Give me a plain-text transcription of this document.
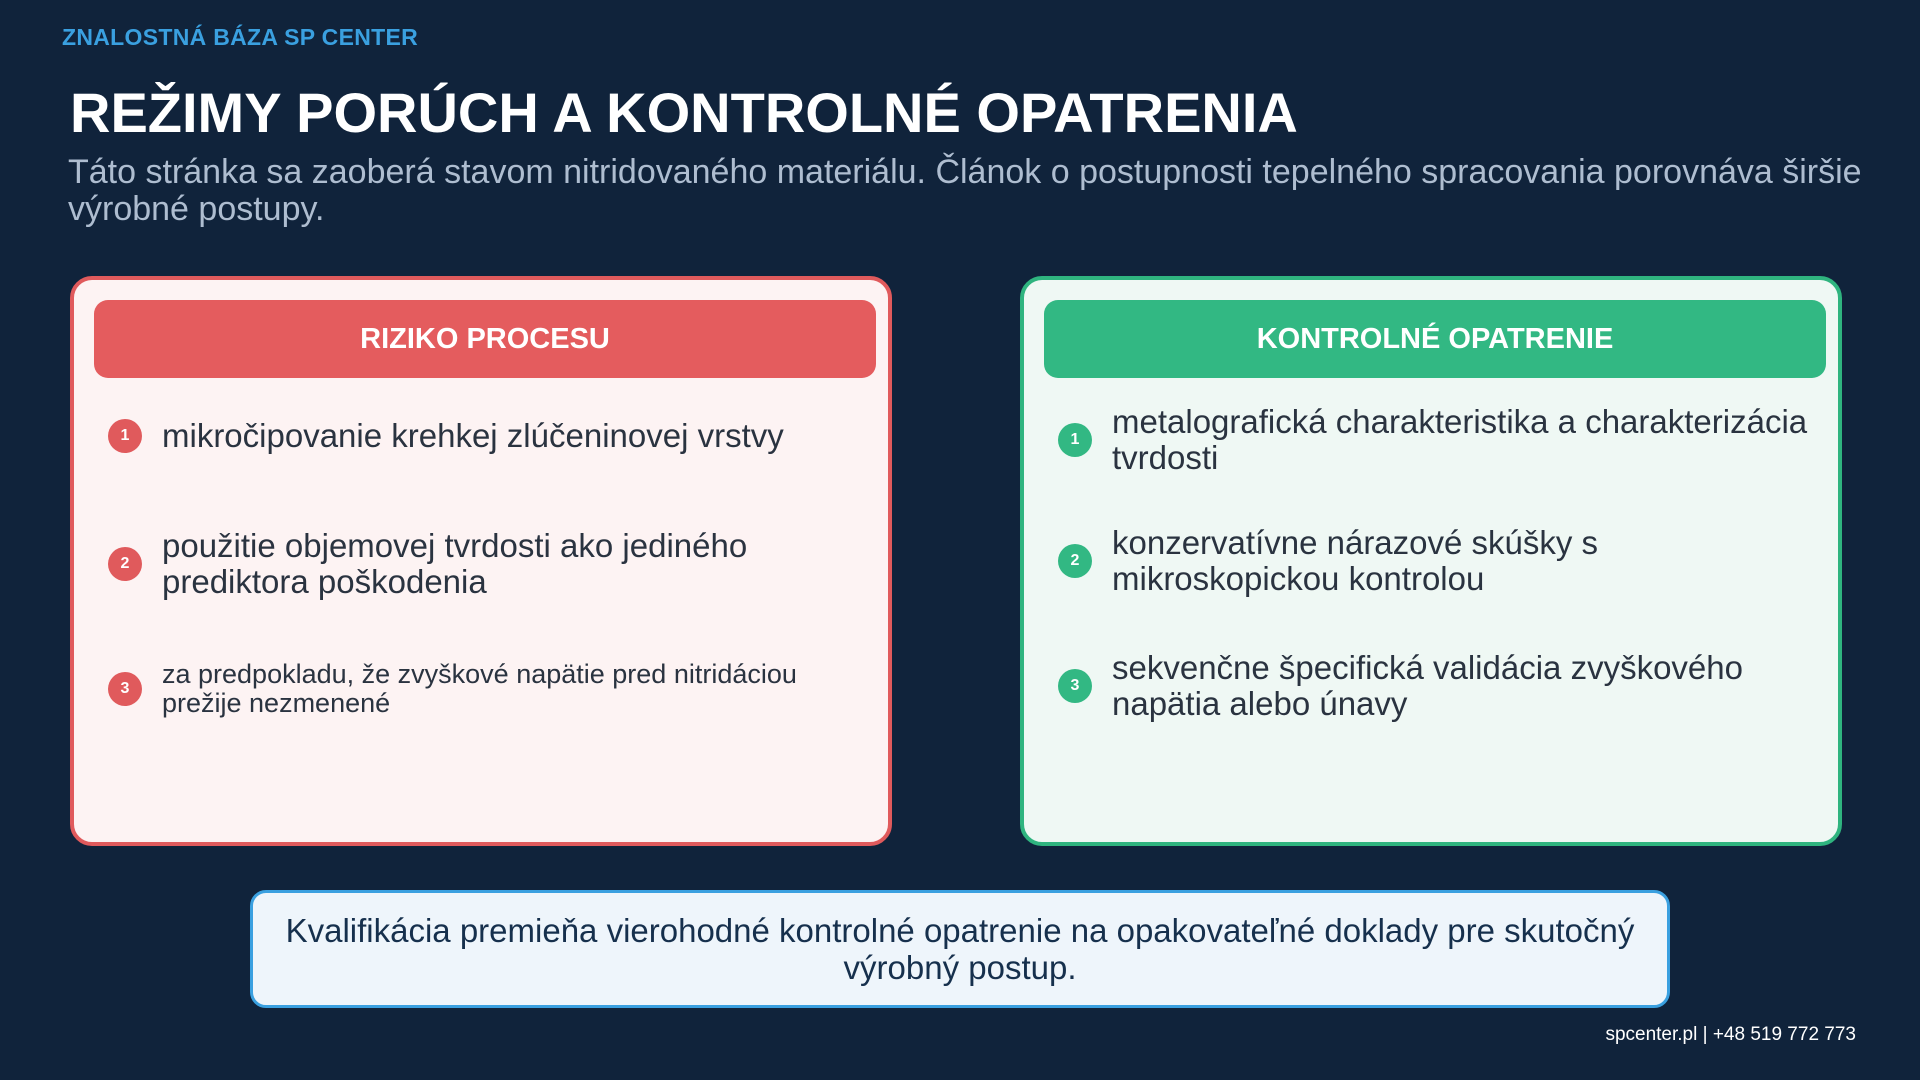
ZNALOSTNÁ BÁZA SP CENTER
REŽIMY PORÚCH A KONTROLNÉ OPATRENIA

Táto stránka sa zaoberá stavom nitridovaného materiálu. Článok o postupnosti tepelného spracovania porovnáva širšie výrobné postupy.

RIZIKO PROCESU
1 mikročipovanie krehkej zlúčeninovej vrstvy
2 použitie objemovej tvrdosti ako jediného prediktora poškodenia
3	za predpokladu, že zvyškové napätie pred nitridáciou prežije nezmenené
KONTROLNÉ OPATRENIE
1 metalografická charakteristika a charakterizácia tvrdosti
2 konzervatívne nárazové skúšky s mikroskopickou kontrolou
3 sekvenčne špecifická validácia zvyškového napätia alebo únavy
Kvalifikácia premieňa vierohodné kontrolné opatrenie na opakovateľné doklady pre skutočný výrobný postup.
spcenter.pl | +48 519 772 773
